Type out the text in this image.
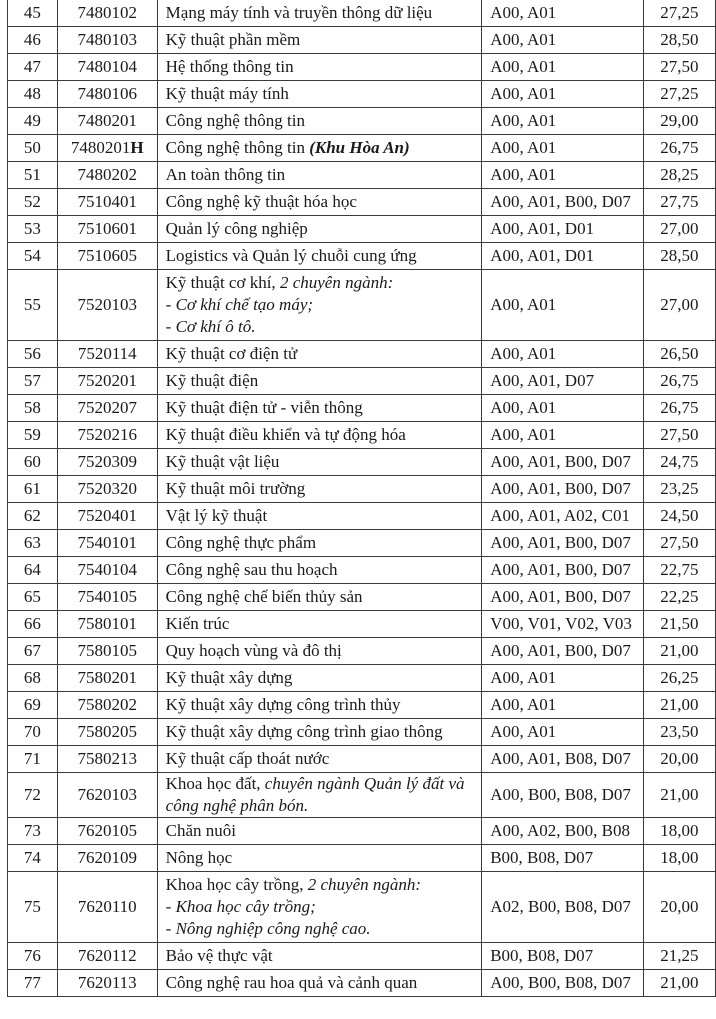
45	7480102	Mạng máy tính và truyền thông dữ liệu	A00, A01	27,25
46	7480103	Kỹ thuật phần mềm	A00, A01	28,50
47	7480104	Hệ thống thông tin	A00, A01	27,50
48	7480106	Kỹ thuật máy tính	A00, A01	27,25
49	7480201	Công nghệ thông tin	A00, A01	29,00
50	7480201H	Công nghệ thông tin (Khu Hòa An)	A00, A01	26,75
51	7480202	An toàn thông tin	A00, A01	28,25
52	7510401	Công nghệ kỹ thuật hóa học	A00, A01, B00, D07	27,75
53	7510601	Quản lý công nghiệp	A00, A01, D01	27,00
54	7510605	Logistics và Quản lý chuỗi cung ứng	A00, A01, D01	28,50
55	7520103	Kỹ thuật cơ khí, 2 chuyên ngành:
- Cơ khí chế tạo máy;
- Cơ khí ô tô.	A00, A01	27,00
56	7520114	Kỹ thuật cơ điện tử	A00, A01	26,50
57	7520201	Kỹ thuật điện	A00, A01, D07	26,75
58	7520207	Kỹ thuật điện tử - viễn thông	A00, A01	26,75
59	7520216	Kỹ thuật điều khiển và tự động hóa	A00, A01	27,50
60	7520309	Kỹ thuật vật liệu	A00, A01, B00, D07	24,75
61	7520320	Kỹ thuật môi trường	A00, A01, B00, D07	23,25
62	7520401	Vật lý kỹ thuật	A00, A01, A02, C01	24,50
63	7540101	Công nghệ thực phẩm	A00, A01, B00, D07	27,50
64	7540104	Công nghệ sau thu hoạch	A00, A01, B00, D07	22,75
65	7540105	Công nghệ chế biến thủy sản	A00, A01, B00, D07	22,25
66	7580101	Kiến trúc	V00, V01, V02, V03	21,50
67	7580105	Quy hoạch vùng và đô thị	A00, A01, B00, D07	21,00
68	7580201	Kỹ thuật xây dựng	A00, A01	26,25
69	7580202	Kỹ thuật xây dựng công trình thủy	A00, A01	21,00
70	7580205	Kỹ thuật xây dựng công trình giao thông	A00, A01	23,50
71	7580213	Kỹ thuật cấp thoát nước	A00, A01, B08, D07	20,00
72	7620103	Khoa học đất, chuyên ngành Quản lý đất và
công nghệ phân bón.	A00, B00, B08, D07	21,00
73	7620105	Chăn nuôi	A00, A02, B00, B08	18,00
74	7620109	Nông học	B00, B08, D07	18,00
75	7620110	Khoa học cây trồng, 2 chuyên ngành:
- Khoa học cây trồng;
- Nông nghiệp công nghệ cao.	A02, B00, B08, D07	20,00
76	7620112	Bảo vệ thực vật	B00, B08, D07	21,25
77	7620113	Công nghệ rau hoa quả và cảnh quan	A00, B00, B08, D07	21,00
